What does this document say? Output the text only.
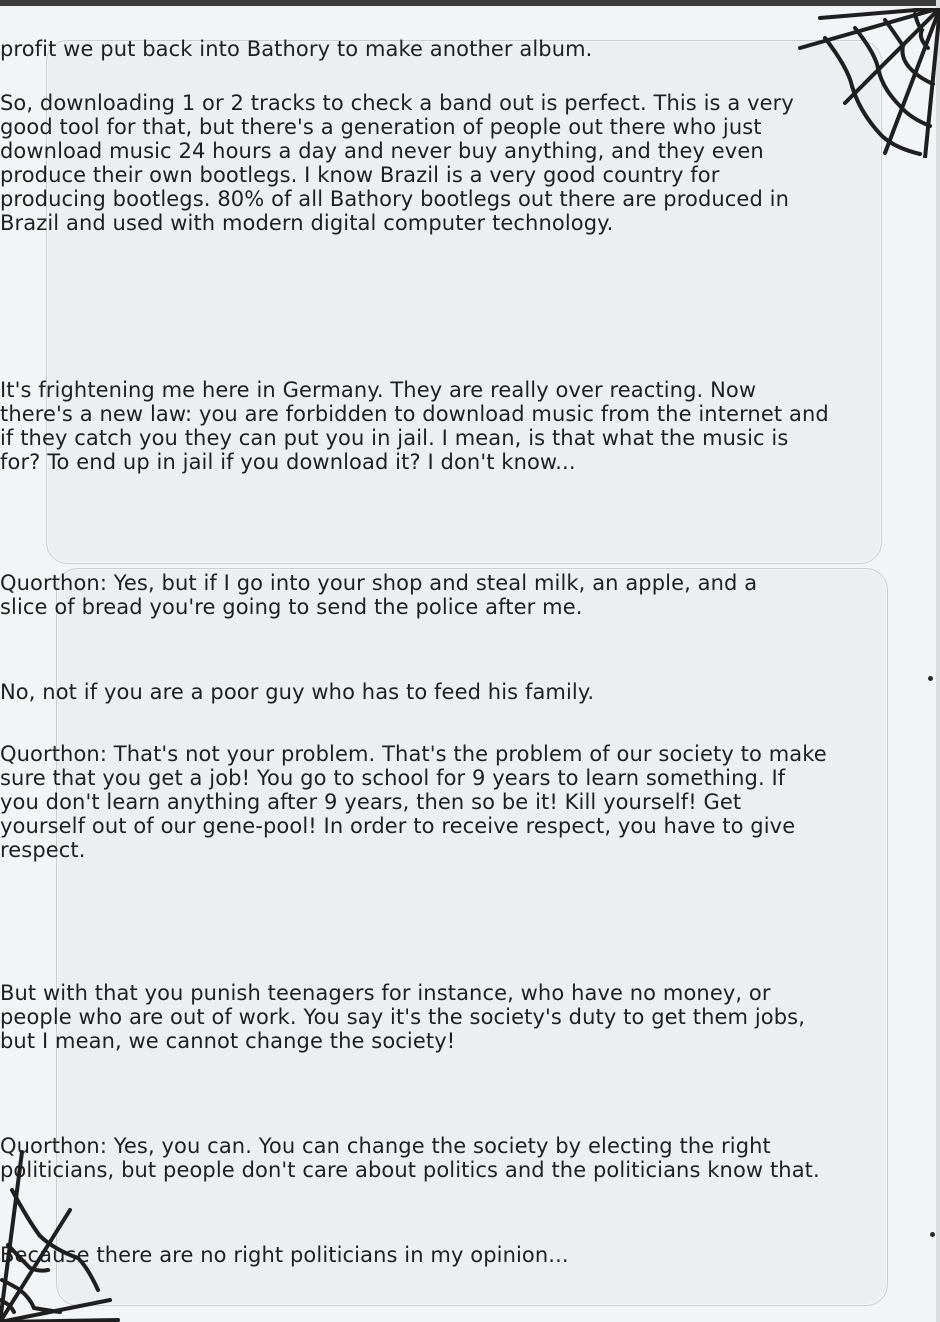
profit we put back into Bathory to make another album.

So, downloading 1 or 2 tracks to check a band out is perfect. This is a very
good tool for that, but there's a generation of people out there who just
download music 24 hours a day and never buy anything, and they even
produce their own bootlegs. I know Brazil is a very good country for
producing bootlegs. 80% of all Bathory bootlegs out there are produced in
Brazil and used with modern digital computer technology.

It's frightening me here in Germany. They are really over reacting. Now
there's a new law: you are forbidden to download music from the internet and
if they catch you they can put you in jail. I mean, is that what the music is
for? To end up in jail if you download it? I don't know...

Quorthon: Yes, but if I go into your shop and steal milk, an apple, and a
slice of bread you're going to send the police after me.

No, not if you are a poor guy who has to feed his family.

Quorthon: That's not your problem. That's the problem of our society to make
sure that you get a job! You go to school for 9 years to learn something. If
you don't learn anything after 9 years, then so be it! Kill yourself! Get
yourself out of our gene-pool! In order to receive respect, you have to give
respect.

But with that you punish teenagers for instance, who have no money, or
people who are out of work. You say it's the society's duty to get them jobs,
but I mean, we cannot change the society!

Quorthon: Yes, you can. You can change the society by electing the right
politicians, but people don't care about politics and the politicians know that.

Because there are no right politicians in my opinion...
